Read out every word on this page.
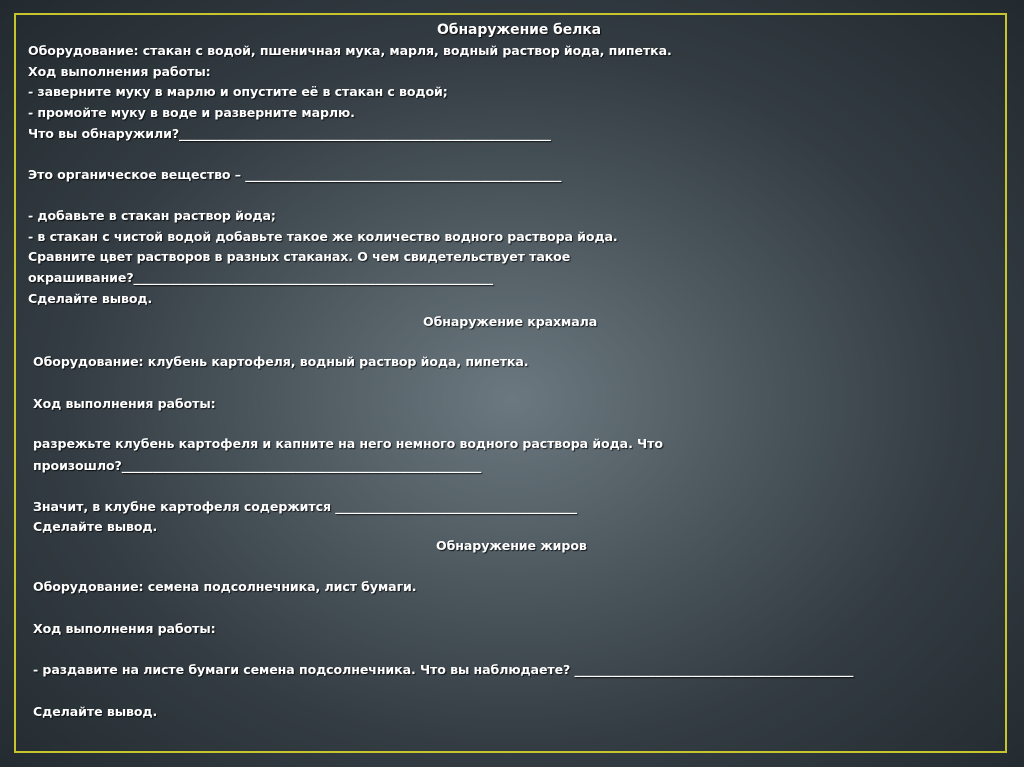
Обнаружение белка
Оборудование: стакан с водой, пшеничная мука, марля, водный раствор йода, пипетка.
Ход выполнения работы:
- заверните муку в марлю и опустите её в стакан с водой;
- промойте муку в воде и разверните марлю.
Что вы обнаружили?____________________________________________________________
Это органическое вещество – ___________________________________________________
- добавьте в стакан раствор йода;
- в стакан с чистой водой добавьте такое же количество водного раствора йода.
Сравните цвет растворов в разных стаканах. О чем свидетельствует такое
окрашивание?__________________________________________________________
Сделайте вывод.
Обнаружение крахмала
Оборудование: клубень картофеля, водный раствор йода, пипетка.
Ход выполнения работы:
разрежьте клубень картофеля и капните на него немного водного раствора йода. Что
произошло?__________________________________________________________
Значит, в клубне картофеля содержится _______________________________________
Сделайте вывод.
Обнаружение жиров
Оборудование: семена подсолнечника, лист бумаги.
Ход выполнения работы:
- раздавите на листе бумаги семена подсолнечника. Что вы наблюдаете? _____________________________________________
Сделайте вывод.
